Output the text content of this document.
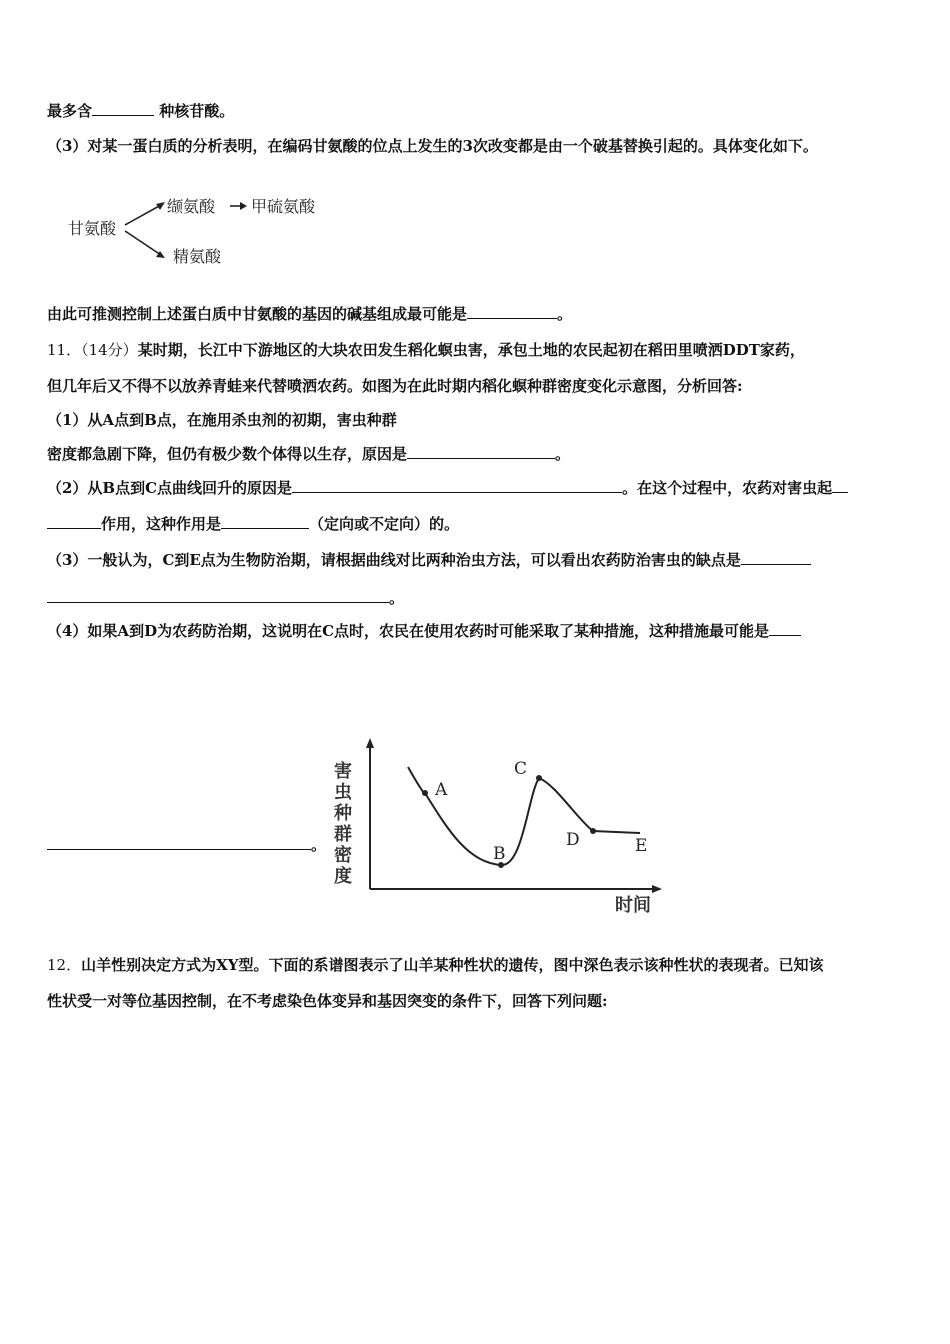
最多含	种核苷酸。
（3）对某一蛋白质的分析表明，在编码甘氨酸的位点上发生的3次改变都是由一个破基替换引起的。具体变化如下。
甘氨酸
缬氨酸 甲硫氨酸
精氨酸
由此可推测控制上述蛋白质中甘氨酸的基因的碱基组成最可能是	。
11．（14分）某时期，长江中下游地区的大块农田发生稻化螟虫害，承包土地的农民起初在稻田里喷洒DDT家药，
但几年后又不得不以放养青蛙来代替喷洒农药。如图为在此时期内稻化螟种群密度变化示意图，分析回答:
（1）从A点到B点，在施用杀虫剂的初期，害虫种群
密度都急剧下降，但仍有极少数个体得以生存，原因是	。
（2）从B点到C点曲线回升的原因是	。在这个过程中，农药对害虫起
作用，这种作用是	（定向或不定向）的。
（3）一般认为，C到E点为生物防治期，请根据曲线对比两种治虫方法，可以看出农药防治害虫的缺点是
。
（4）如果A到D为农药防治期，这说明在C点时，农民在使用农药时可能采取了某种措施，这种措施最可能是
。
害
虫
种
群
密
度
时间
A
B
C
D	E
12．山羊性别决定方式为XY型。下面的系谱图表示了山羊某种性状的遗传，图中深色表示该种性状的表现者。已知该
性状受一对等位基因控制，在不考虑染色体变异和基因突变的条件下，回答下列问题:
